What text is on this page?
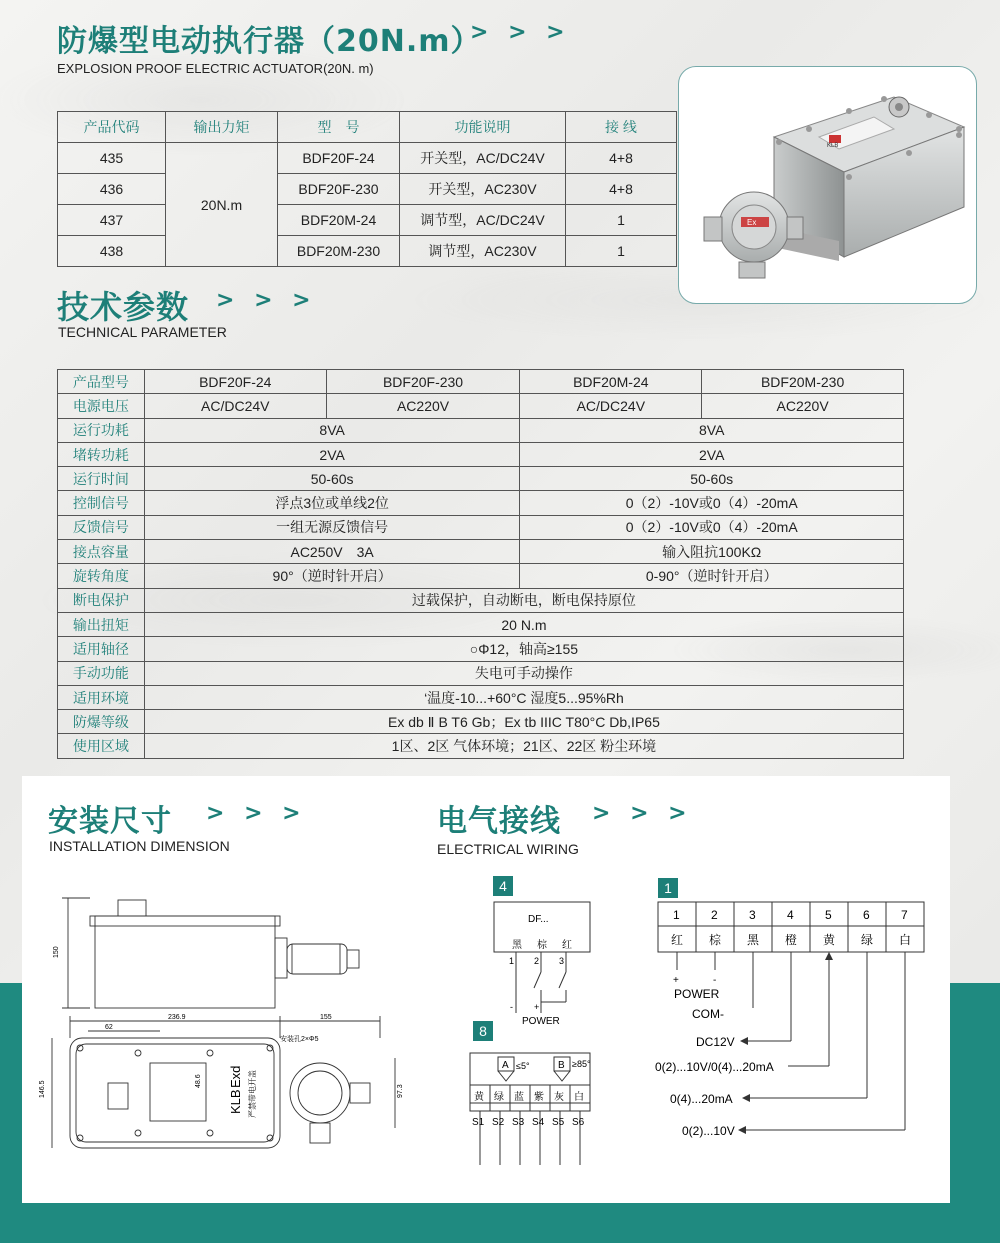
防爆型电动执行器（20N.m）
> > >
EXPLOSION PROOF ELECTRIC ACTUATOR(20N. m)
产品代码	输出力矩	型　号	功能说明	接 线
435	20N.m	BDF20F-24	开关型，AC/DC24V	4+8
436		BDF20F-230	开关型，AC230V	4+8
437		BDF20M-24	调节型，AC/DC24V	1
438		BDF20M-230	调节型，AC230V	1
KLB
Ex
技术参数 > > >
TECHNICAL PARAMETER
产品型号	BDF20F-24	BDF20F-230	BDF20M-24	BDF20M-230
电源电压	AC/DC24V	AC220V	AC/DC24V	AC220V
运行功耗	8VA		8VA	
堵转功耗	2VA		2VA	
运行时间	50-60s		50-60s	
控制信号	浮点3位或单线2位		0（2）-10V或0（4）-20mA	
反馈信号	一组无源反馈信号		0（2）-10V或0（4）-20mA	
接点容量	AC250V　3A		输入阻抗100KΩ	
旋转角度	90°（逆时针开启）		0-90°（逆时针开启）	
断电保护	过载保护，自动断电，断电保持原位			
输出扭矩	20 N.m			
适用轴径	○Φ12，轴高≥155			
手动功能	失电可手动操作			
适用环境	‘温度-10...+60°C 湿度5...95%Rh			
防爆等级	Ex db Ⅱ B T6 Gb；Ex tb IIIC T80°C Db,IP65			
使用区域	1区、2区 气体环境；21区、22区 粉尘环境			
安装尺寸 > > >
INSTALLATION DIMENSION
150
236.9	155
62
安装孔2×Φ5
146.5	97.3
48.6
KLB
Exd 严禁带电开盖
电气接线 > > >
ELECTRICAL WIRING
4
8
1
DF...
黑 棕 红
1 2 3
- +
POWER
A ≤5°	B ≥85°
黄 绿 蓝 紫 灰 白
S1 S2 S3 S4 S5 S6
1	2	3	4	5	6	7
红 棕 黑 橙 黄 绿 白
+	-
POWER
COM-
DC12V
0(2)...10V/0(4)...20mA
0(4)...20mA
0(2)...10V
